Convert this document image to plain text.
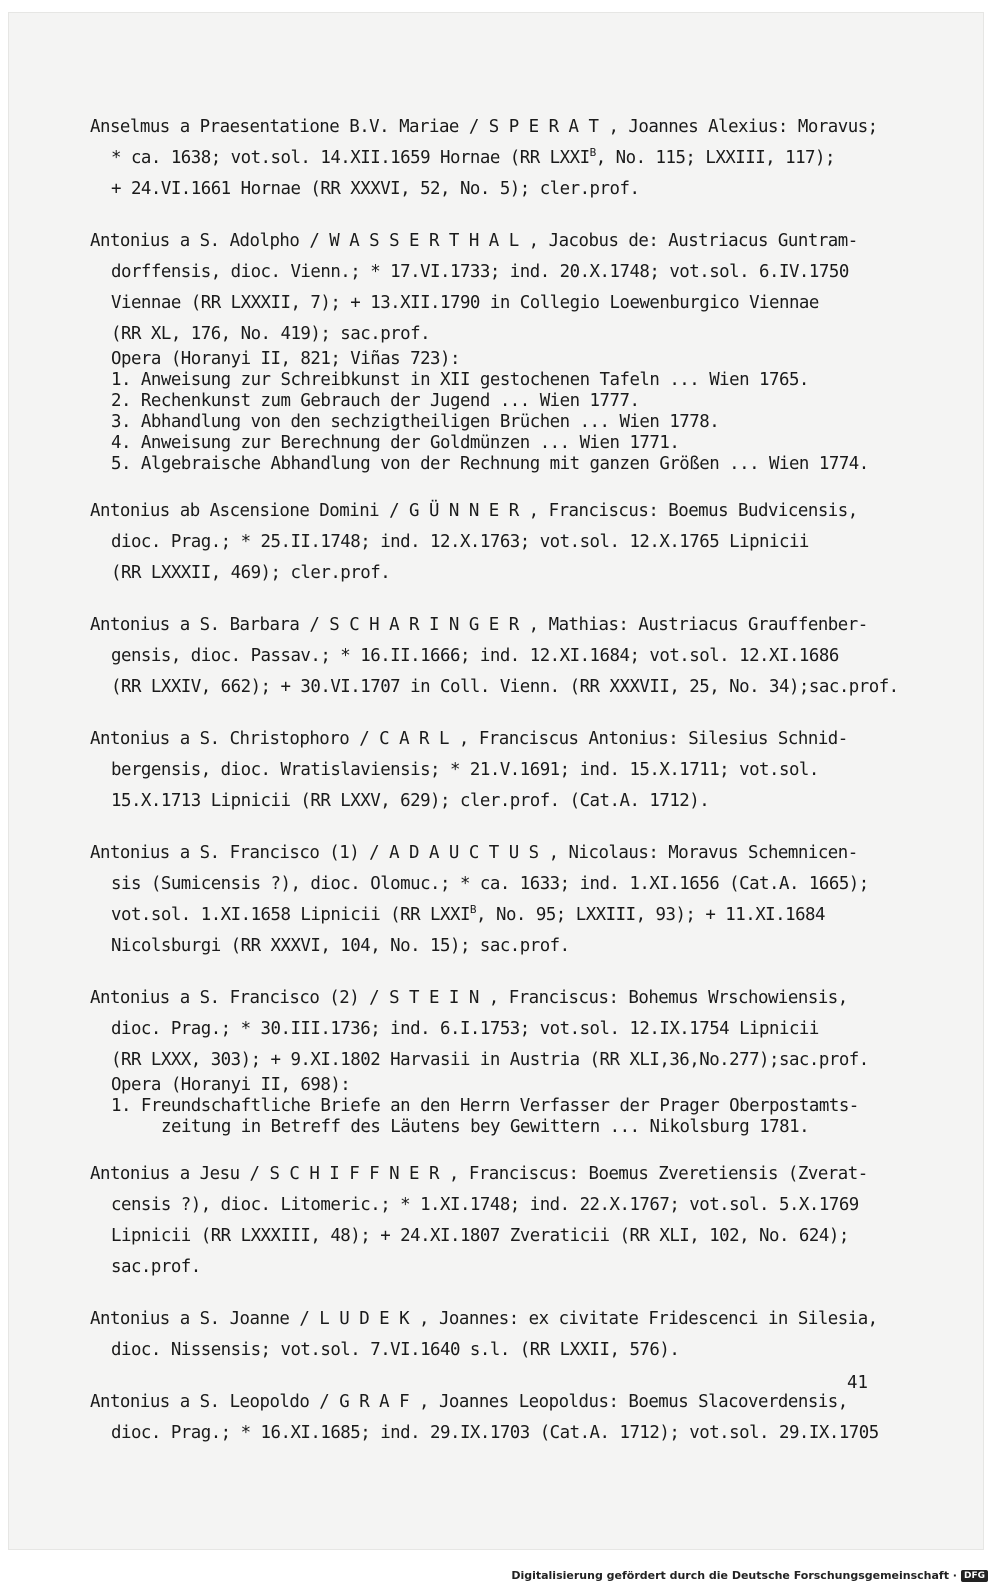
Anselmus a Praesentatione B.V. Mariae / S P E R A T , Joannes Alexius: Moravus;
* ca. 1638; vot.sol. 14.XII.1659 Hornae (RR $LXXI^B$, No. 115; LXXIII, 117);
+ 24.VI.1661 Hornae (RR XXXVI, 52, No. 5); cler.prof.
Antonius a S. Adolpho / W A S S E R T H A L , Jacobus de: Austriacus Guntram-
dorffensis, dioc. Vienn.; * 17.VI.1733; ind. 20.X.1748; vot.sol. 6.IV.1750
Viennae (RR LXXXII, 7); + 13.XII.1790 in Collegio Loewenburgico Viennae
(RR XL, 176, No. 419); sac.prof.
Opera (Horanyi II, 821; Viñas 723):
1. Anweisung zur Schreibkunst in XII gestochenen Tafeln ... Wien 1765.
2. Rechenkunst zum Gebrauch der Jugend ... Wien 1777.
3. Abhandlung von den sechzigtheiligen Brüchen ... Wien 1778.
4. Anweisung zur Berechnung der Goldmünzen ... Wien 1771.
5. Algebraische Abhandlung von der Rechnung mit ganzen Größen ... Wien 1774.
Antonius ab Ascensione Domini / G Ü N N E R , Franciscus: Boemus Budvicensis,
dioc. Prag.; * 25.II.1748; ind. 12.X.1763; vot.sol. 12.X.1765 Lipnicii
(RR LXXXII, 469); cler.prof.
Antonius a S. Barbara / S C H A R I N G E R , Mathias: Austriacus Grauffenber-
gensis, dioc. Passav.; * 16.II.1666; ind. 12.XI.1684; vot.sol. 12.XI.1686
(RR LXXIV, 662); + 30.VI.1707 in Coll. Vienn. (RR XXXVII, 25, No. 34);sac.prof.
Antonius a S. Christophoro / C A R L , Franciscus Antonius: Silesius Schnid-
bergensis, dioc. Wratislaviensis; * 21.V.1691; ind. 15.X.1711; vot.sol.
15.X.1713 Lipnicii (RR LXXV, 629); cler.prof. (Cat.A. 1712).
Antonius a S. Francisco (1) / A D A U C T U S , Nicolaus: Moravus Schemnicen-
sis (Sumicensis ?), dioc. Olomuc.; * ca. 1633; ind. 1.XI.1656 (Cat.A. 1665);
vot.sol. 1.XI.1658 Lipnicii (RR $LXXI^B$, No. 95; LXXIII, 93); + 11.XI.1684
Nicolsburgi (RR XXXVI, 104, No. 15); sac.prof.
Antonius a S. Francisco (2) / S T E I N , Franciscus: Bohemus Wrschowiensis,
dioc. Prag.; * 30.III.1736; ind. 6.I.1753; vot.sol. 12.IX.1754 Lipnicii
(RR LXXX, 303); + 9.XI.1802 Harvasii in Austria (RR XLI,36,No.277);sac.prof.
Opera (Horanyi II, 698):
1. Freundschaftliche Briefe an den Herrn Verfasser der Prager Oberpostamts-
zeitung in Betreff des Läutens bey Gewittern ... Nikolsburg 1781.
Antonius a Jesu / S C H I F F N E R , Franciscus: Boemus Zveretiensis (Zverat-
censis ?), dioc. Litomeric.; * 1.XI.1748; ind. 22.X.1767; vot.sol. 5.X.1769
Lipnicii (RR LXXXIII, 48); + 24.XI.1807 Zveraticii (RR XLI, 102, No. 624);
sac.prof.
Antonius a S. Joanne / L U D E K , Joannes: ex civitate Fridescenci in Silesia,
dioc. Nissensis; vot.sol. 7.VI.1640 s.l. (RR LXXII, 576).
Antonius a S. Leopoldo / G R A F , Joannes Leopoldus: Boemus Slacoverdensis,
dioc. Prag.; * 16.XI.1685; ind. 29.IX.1703 (Cat.A. 1712); vot.sol. 29.IX.1705
41
Digitalisierung gefördert durch die Deutsche Forschungsgemeinschaft · DFG
